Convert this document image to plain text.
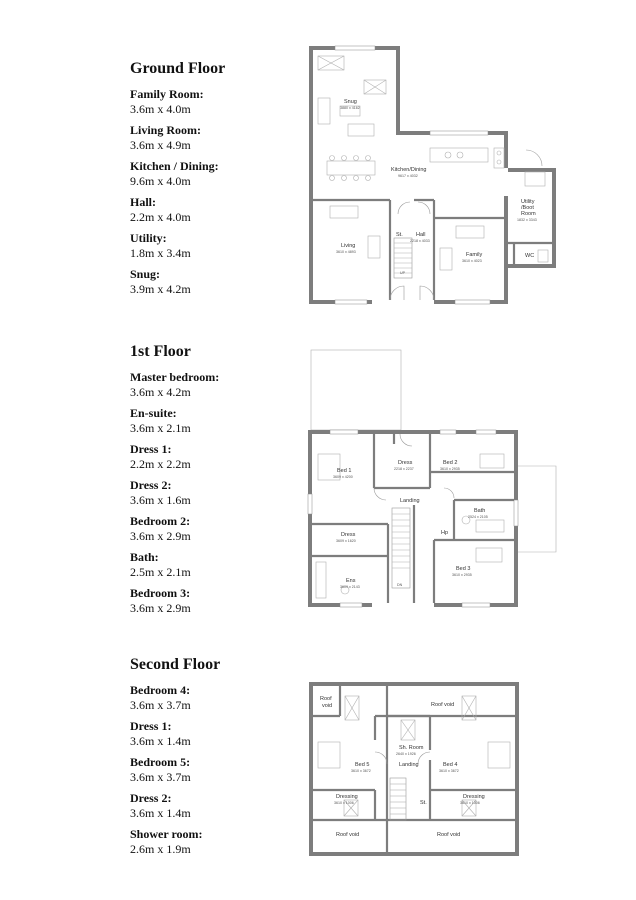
Ground Floor
Family Room:
3.6m x 4.0m
Living Room:
3.6m x 4.9m
Kitchen / Dining:
9.6m x 4.0m
Hall:
2.2m x 4.0m
Utility:
1.8m x 3.4m
Snug:
3.9m x 4.2m
1st Floor
Master bedroom:
3.6m x 4.2m
En-suite:
3.6m x 2.1m
Dress 1:
2.2m x 2.2m
Dress 2:
3.6m x 1.6m
Bedroom 2:
3.6m x 2.9m
Bath:
2.5m x 2.1m
Bedroom 3:
3.6m x 2.9m
Second Floor
Bedroom 4:
3.6m x 3.7m
Dress 1:
3.6m x 1.4m
Bedroom 5:
3.6m x 3.7m
Dress 2:
3.6m x 1.4m
Shower room:
2.6m x 1.9m
Snug
3880 x 4162
Kitchen/Dining
9617 x 4032
Utility
/Boot
Room
1832 x 3343
Living
3610 x 4893
St. Hall
2218 x 4033
Family
3610 x 4023
WC
UP
Bed 1
3609 x 4200
Dress
2218 x 2237
Bed 2
3610 x 2935
Landing
Bath
2524 x 2105
Dress
3609 x 1620
Hp
Bed 3
3610 x 2935
Ens
3609 x 2143	DN
Roof
void	Roof void
Sh. Room
2640 x 1926
Landing
Bed 5
3610 x 3672
Bed 4
3610 x 3672
Dressing
3610 x 1006
Dressing
3610 x 1006
St.
Roof void	Roof void
